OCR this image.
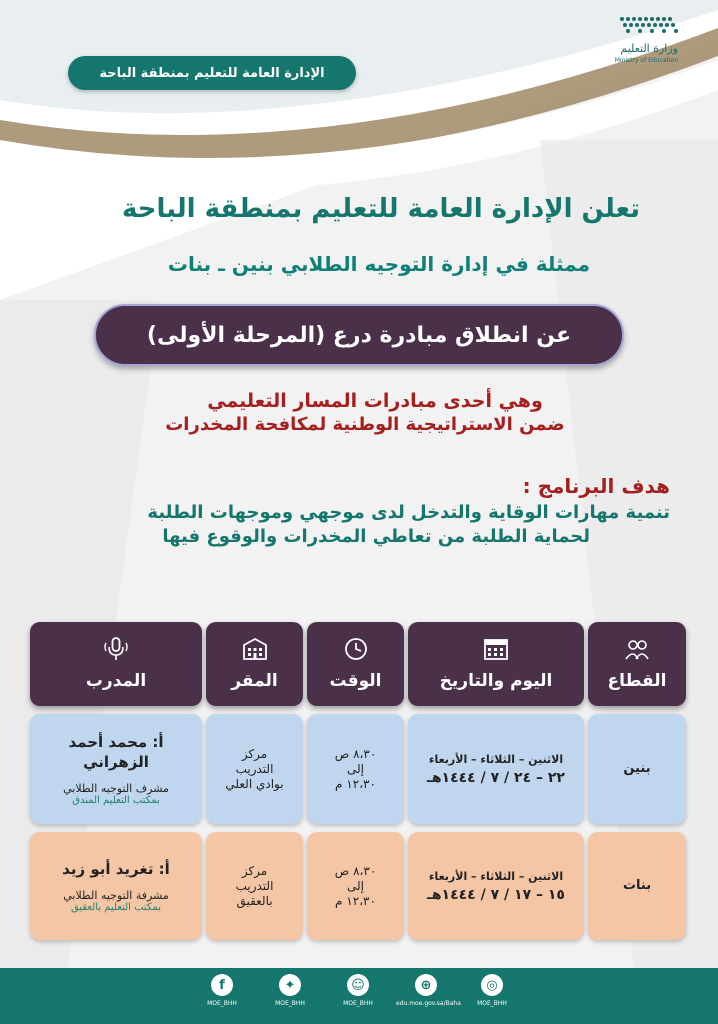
وزارة التعليم
Ministry of Education
الإدارة العامة للتعليم بمنطقة الباحة
تعلن الإدارة العامة للتعليم بمنطقة الباحة
ممثلة في إدارة التوجيه الطلابي بنين ـ بنات
عن انطلاق مبادرة درع (المرحلة الأولى)
وهي أحدى مبادرات المسار التعليمي
ضمن الاستراتيجية الوطنية لمكافحة المخدرات
هدف البرنامج :
تنمية مهارات الوقاية والتدخل لدى موجهي وموجهات الطلبة
لحماية الطلبة من تعاطي المخدرات والوقوع فيها
القطاع
اليوم والتاريخ
الوقت
المقر
المدرب
بنين
الاثنين – الثلاثاء – الأربعاء
٢٢ – ٢٤ / ٧ / ١٤٤٤هـ
٨،٣٠ ص
إلى
١٢،٣٠ م
مركز
التدريب
بوادي العلي
أ: محمد أحمد
الزهراني
مشرف التوجيه الطلابي
بمكتب التعليم المندق
بنات
الاثنين – الثلاثاء – الأربعاء
١٥ – ١٧ / ٧ / ١٤٤٤هـ
٨،٣٠ ص
إلى
١٢،٣٠ م
مركز
التدريب
بالعقيق
أ: تغريد أبو زيد
مشرفة التوجيه الطلابي
بمكتب التعليم بالعقيق
◎
MOE_BHH
⊕
edu.moe.gov.sa/Baha
☺
MOE_BHH
✦
MOE_BHH
f
MOE_BHH
